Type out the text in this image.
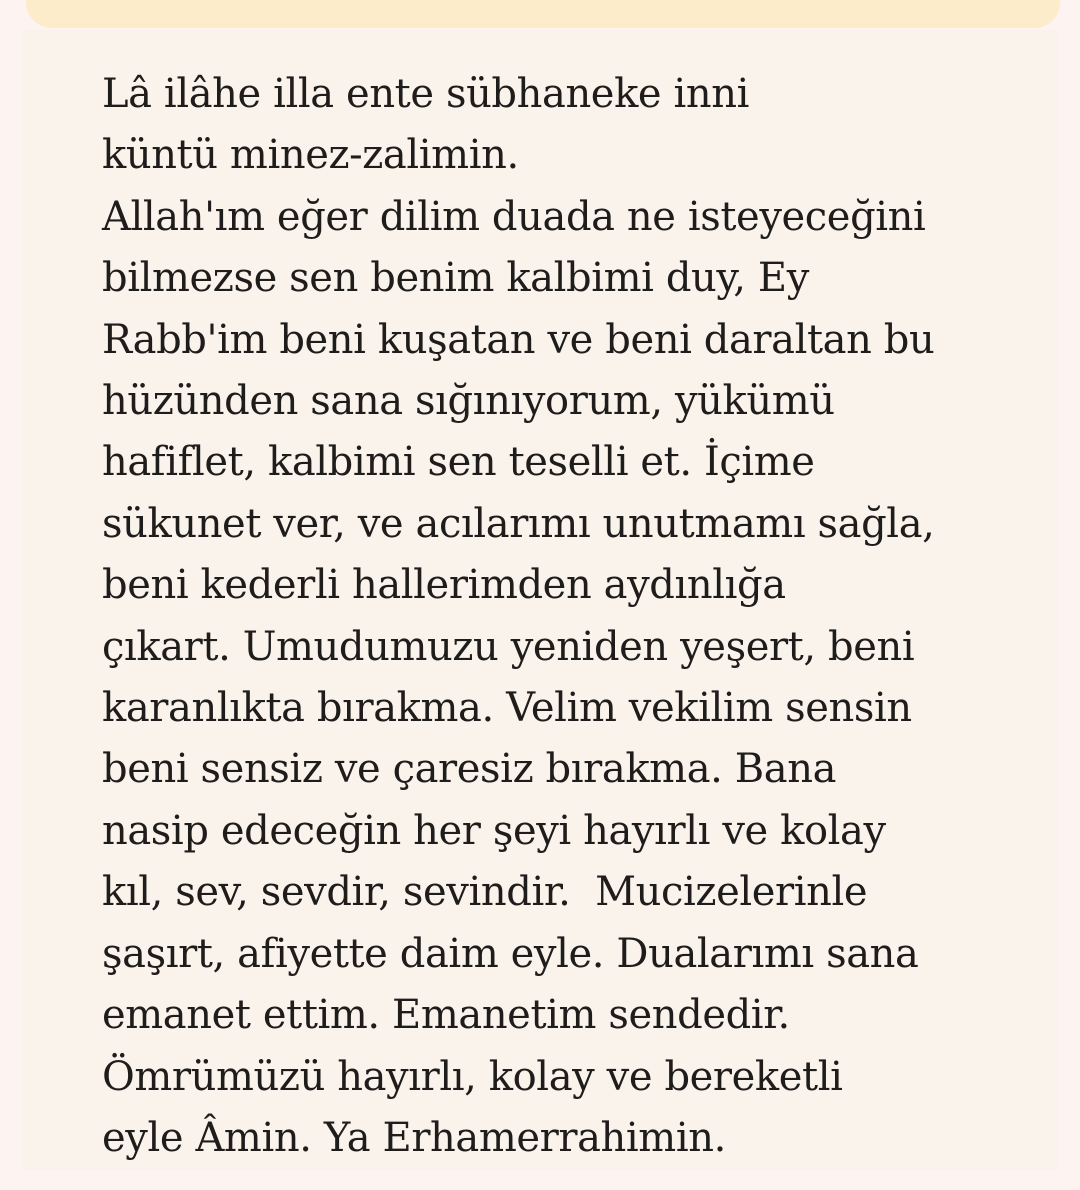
Lâ ilâhe illa ente sübhaneke inni
küntü minez-zalimin.
Allah'ım eğer dilim duada ne isteyeceğini
bilmezse sen benim kalbimi duy, Ey
Rabb'im beni kuşatan ve beni daraltan bu
hüzünden sana sığınıyorum, yükümü
hafiflet, kalbimi sen teselli et. İçime
sükunet ver, ve acılarımı unutmamı sağla,
beni kederli hallerimden aydınlığa
çıkart. Umudumuzu yeniden yeşert, beni
karanlıkta bırakma. Velim vekilim sensin
beni sensiz ve çaresiz bırakma. Bana
nasip edeceğin her şeyi hayırlı ve kolay
kıl, sev, sevdir, sevindir.  Mucizelerinle
şaşırt, afiyette daim eyle. Dualarımı sana
emanet ettim. Emanetim sendedir.
Ömrümüzü hayırlı, kolay ve bereketli
eyle Âmin. Ya Erhamerrahimin.
